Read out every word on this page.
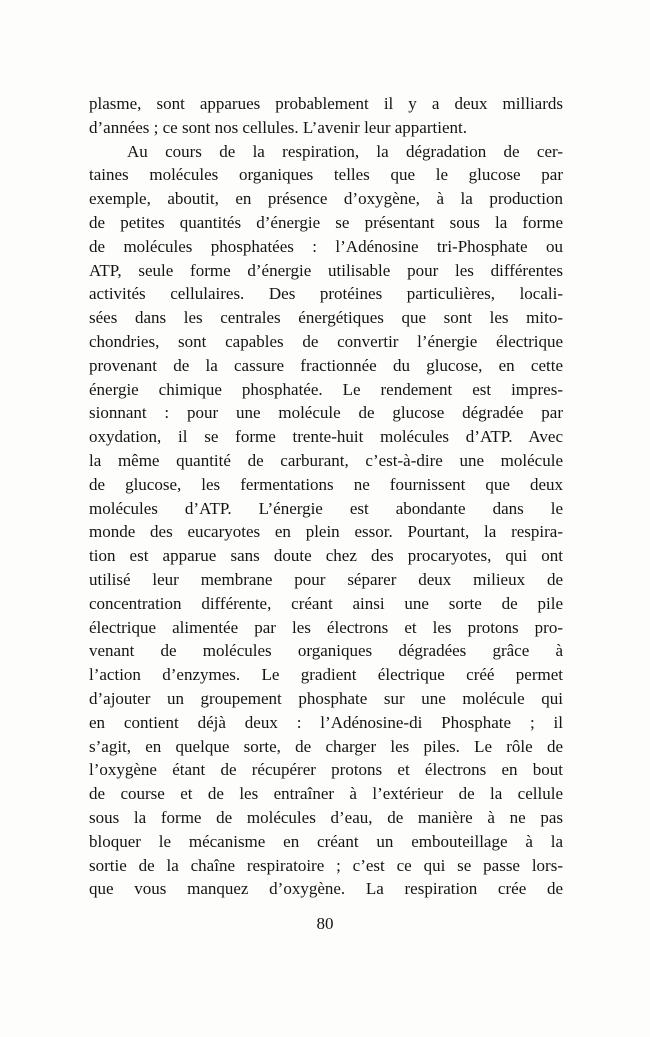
plasme, sont apparues probablement il y a deux milliards
d’années ; ce sont nos cellules. L’avenir leur appartient.
Au cours de la respiration, la dégradation de cer-
taines molécules organiques telles que le glucose par
exemple, aboutit, en présence d’oxygène, à la production
de petites quantités d’énergie se présentant sous la forme
de molécules phosphatées : l’Adénosine tri-Phosphate ou
ATP, seule forme d’énergie utilisable pour les différentes
activités cellulaires. Des protéines particulières, locali-
sées dans les centrales énergétiques que sont les mito-
chondries, sont capables de convertir l’énergie électrique
provenant de la cassure fractionnée du glucose, en cette
énergie chimique phosphatée. Le rendement est impres-
sionnant : pour une molécule de glucose dégradée par
oxydation, il se forme trente-huit molécules d’ATP. Avec
la même quantité de carburant, c’est-à-dire une molécule
de glucose, les fermentations ne fournissent que deux
molécules d’ATP. L’énergie est abondante dans le
monde des eucaryotes en plein essor. Pourtant, la respira-
tion est apparue sans doute chez des procaryotes, qui ont
utilisé leur membrane pour séparer deux milieux de
concentration différente, créant ainsi une sorte de pile
électrique alimentée par les électrons et les protons pro-
venant de molécules organiques dégradées grâce à
l’action d’enzymes. Le gradient électrique créé permet
d’ajouter un groupement phosphate sur une molécule qui
en contient déjà deux : l’Adénosine-di Phosphate ; il
s’agit, en quelque sorte, de charger les piles. Le rôle de
l’oxygène étant de récupérer protons et électrons en bout
de course et de les entraîner à l’extérieur de la cellule
sous la forme de molécules d’eau, de manière à ne pas
bloquer le mécanisme en créant un embouteillage à la
sortie de la chaîne respiratoire ; c’est ce qui se passe lors-
que vous manquez d’oxygène. La respiration crée de
80
